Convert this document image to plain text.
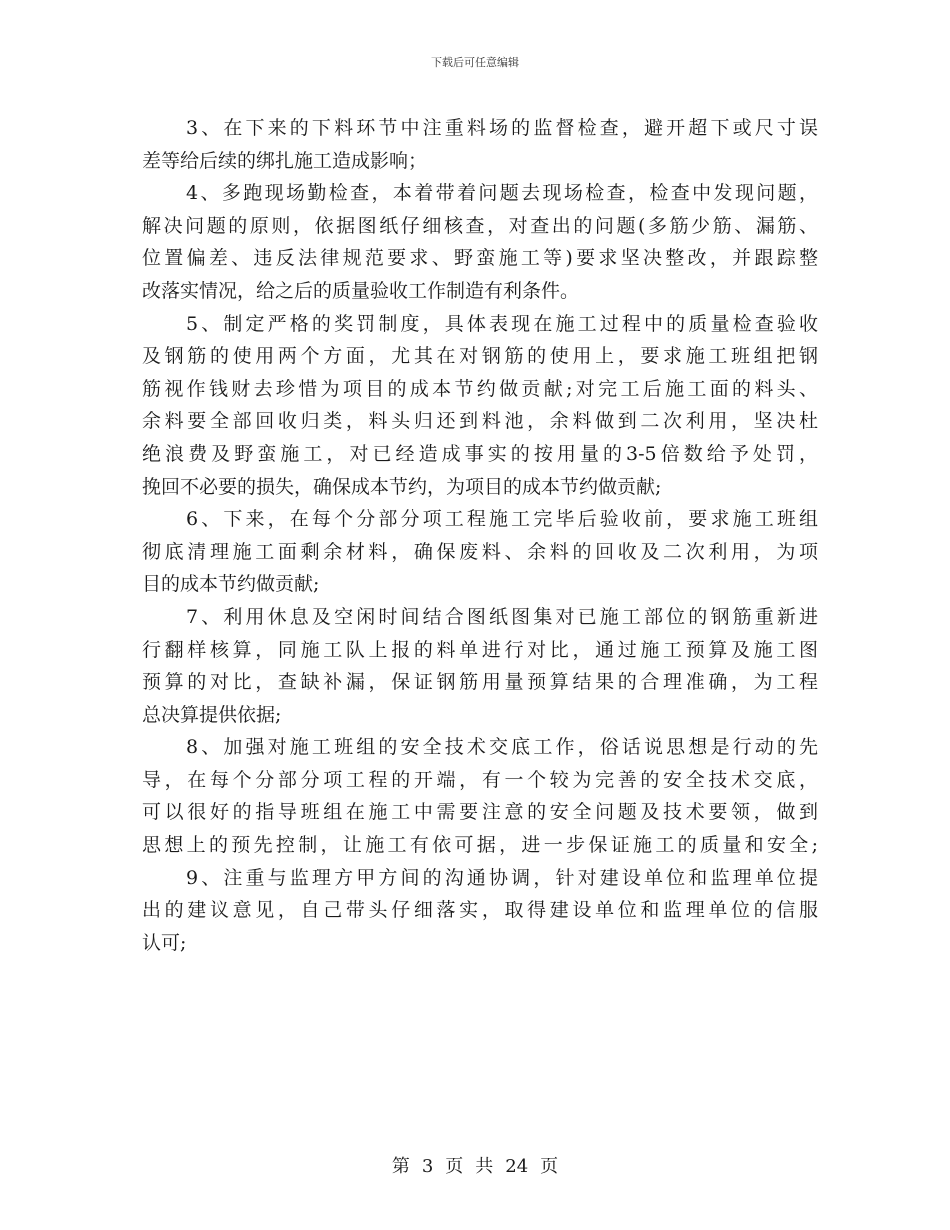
下载后可任意编辑
3、在下来的下料环节中注重料场的监督检查，避开超下或尺寸误
差等给后续的绑扎施工造成影响；
4、多跑现场勤检查，本着带着问题去现场检查，检查中发现问题，
解决问题的原则，依据图纸仔细核查，对查出的问题(多筋少筋、漏筋、
位置偏差、违反法律规范要求、野蛮施工等)要求坚决整改，并跟踪整
改落实情况，给之后的质量验收工作制造有利条件。
5、制定严格的奖罚制度，具体表现在施工过程中的质量检查验收
及钢筋的使用两个方面，尤其在对钢筋的使用上，要求施工班组把钢
筋视作钱财去珍惜为项目的成本节约做贡献;对完工后施工面的料头、
余料要全部回收归类，料头归还到料池，余料做到二次利用，坚决杜
绝浪费及野蛮施工，对已经造成事实的按用量的3-5倍数给予处罚，
挽回不必要的损失，确保成本节约，为项目的成本节约做贡献;
6、下来，在每个分部分项工程施工完毕后验收前，要求施工班组
彻底清理施工面剩余材料，确保废料、余料的回收及二次利用，为项
目的成本节约做贡献;
7、利用休息及空闲时间结合图纸图集对已施工部位的钢筋重新进
行翻样核算，同施工队上报的料单进行对比，通过施工预算及施工图
预算的对比，查缺补漏，保证钢筋用量预算结果的合理准确，为工程
总决算提供依据;
8、加强对施工班组的安全技术交底工作，俗话说思想是行动的先
导，在每个分部分项工程的开端，有一个较为完善的安全技术交底，
可以很好的指导班组在施工中需要注意的安全问题及技术要领，做到
思想上的预先控制，让施工有依可据，进一步保证施工的质量和安全;
9、注重与监理方甲方间的沟通协调，针对建设单位和监理单位提
出的建议意见，自己带头仔细落实，取得建设单位和监理单位的信服
认可;
第 3 页 共 24 页
